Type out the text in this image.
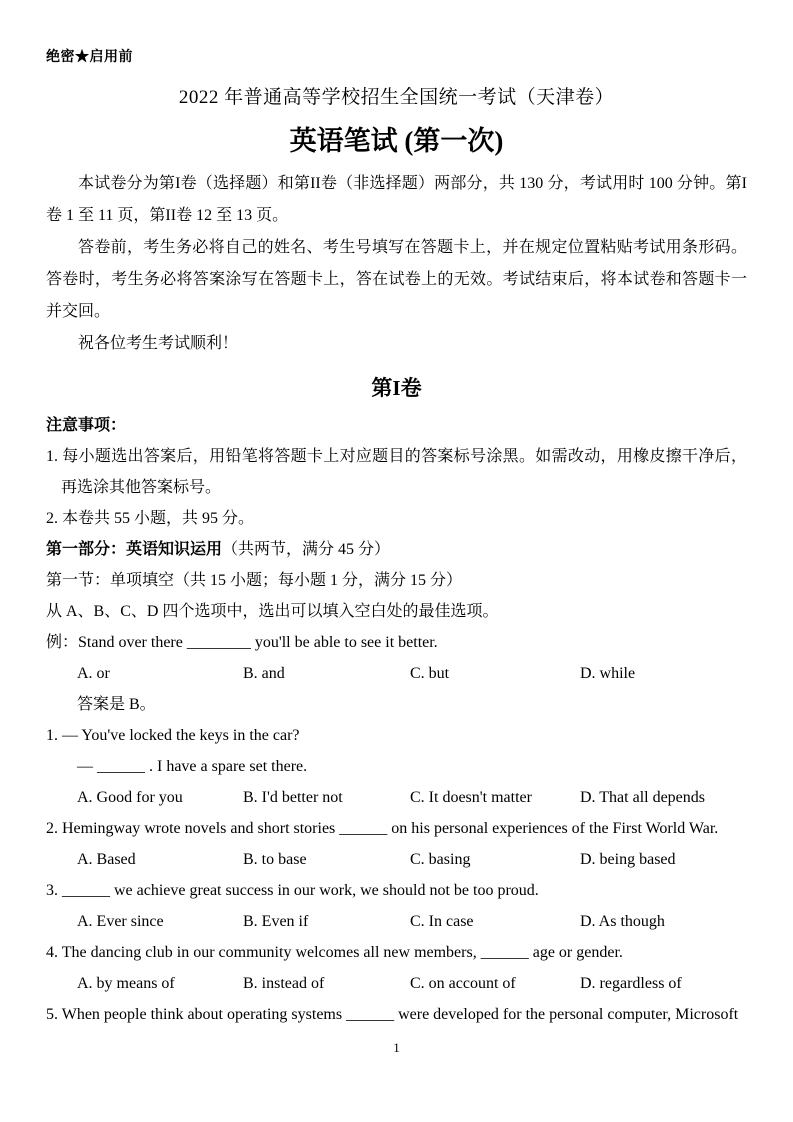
绝密★启用前
2022 年普通高等学校招生全国统一考试（天津卷）
英语笔试 (第一次)

本试卷分为第I卷（选择题）和第II卷（非选择题）两部分，共 130 分，考试用时 100 分钟。第I卷 1 至 11 页，第II卷 12 至 13 页。

答卷前，考生务必将自己的姓名、考生号填写在答题卡上，并在规定位置粘贴考试用条形码。答卷时，考生务必将答案涂写在答题卡上，答在试卷上的无效。考试结束后，将本试卷和答题卡一并交回。

祝各位考生考试顺利！

第I卷
注意事项：
1. 每小题选出答案后，用铅笔将答题卡上对应题目的答案标号涂黑。如需改动，用橡皮擦干净后，再选涂其他答案标号。
2. 本卷共 55 小题，共 95 分。
第一部分：英语知识运用（共两节，满分 45 分）
第一节：单项填空（共 15 小题；每小题 1 分，满分 15 分）
从 A、B、C、D 四个选项中，选出可以填入空白处的最佳选项。
例：Stand over there ________ you'll be able to see it better.
A. or	B. and	C. but	D. while
答案是 B。
1. — You've locked the keys in the car?
— ______ . I have a spare set there.
A. Good for you	B. I'd better not	C. It doesn't matter	D. That all depends
2. Hemingway wrote novels and short stories ______ on his personal experiences of the First World War.
A. Based	B. to base	C. basing	D. being based
3. ______ we achieve great success in our work, we should not be too proud.
A. Ever since	B. Even if	C. In case	D. As though
4. The dancing club in our community welcomes all new members, ______ age or gender.
A. by means of	B. instead of	C. on account of	D. regardless of
5. When people think about operating systems ______ were developed for the personal computer, Microsoft
1
